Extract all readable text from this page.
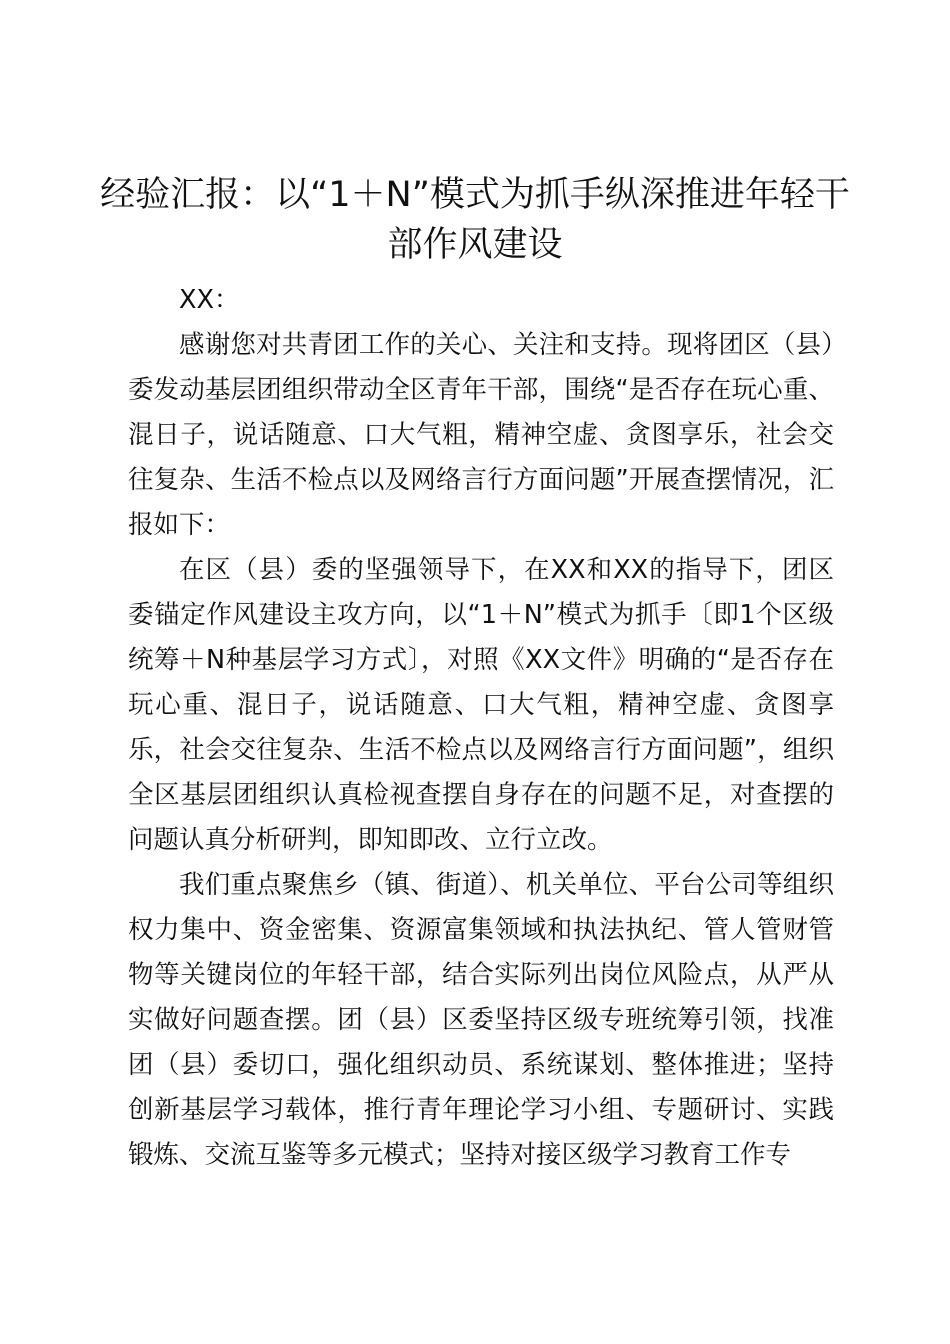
经验汇报：以“1＋N”模式为抓手纵深推进年轻干部作风建设

XX：

感谢您对共青团工作的关心、关注和支持。现将团区（县）委发动基层团组织带动全区青年干部，围绕“是否存在玩心重、混日子，说话随意、口大气粗，精神空虚、贪图享乐，社会交往复杂、生活不检点以及网络言行方面问题”开展查摆情况，汇报如下：

在区（县）委的坚强领导下，在XX和XX的指导下，团区委锚定作风建设主攻方向，以“1＋N”模式为抓手〔即1个区级统筹＋N种基层学习方式〕，对照《XX文件》明确的“是否存在玩心重、混日子，说话随意、口大气粗，精神空虚、贪图享乐，社会交往复杂、生活不检点以及网络言行方面问题”，组织全区基层团组织认真检视查摆自身存在的问题不足，对查摆的问题认真分析研判，即知即改、立行立改。

我们重点聚焦乡（镇、街道）、机关单位、平台公司等组织权力集中、资金密集、资源富集领域和执法执纪、管人管财管物等关键岗位的年轻干部，结合实际列出岗位风险点，从严从实做好问题查摆。团（县）区委坚持区级专班统筹引领，找准团（县）委切口，强化组织动员、系统谋划、整体推进；坚持创新基层学习载体，推行青年理论学习小组、专题研讨、实践锻炼、交流互鉴等多元模式；坚持对接区级学习教育工作专
